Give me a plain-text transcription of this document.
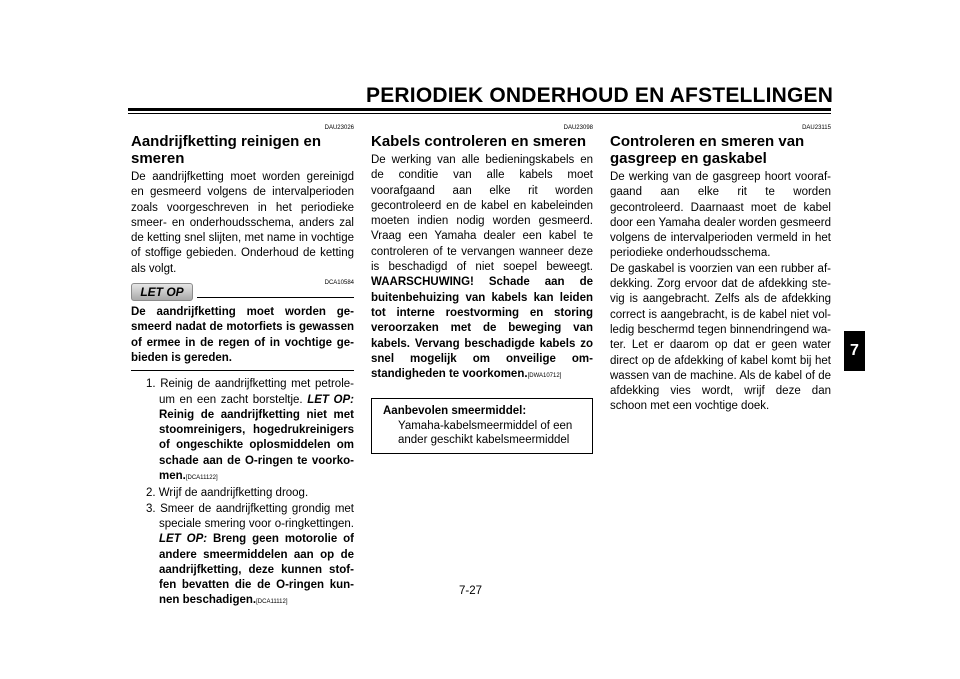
PERIODIEK ONDERHOUD EN AFSTELLINGEN
7
DAU23026
Aandrijfketting reinigen en smeren

De aandrijfketting moet worden gereinigd en gesmeerd volgens de intervalperioden zoals voorgeschreven in het periodieke smeer- en onderhoudsschema, anders zal de ketting snel slijten, met name in vochtige of stoffige gebieden. Onderhoud de ketting als volgt.

LET OP
DCA10584

De aandrijfketting moet worden gesmeerd nadat de motorfiets is gewassen of ermee in de regen of in vochtige gebieden is gereden.

1. Reinig de aandrijfketting met petroleum en een zacht borsteltje. LET OP: Reinig de aandrijfketting niet met stoomreinigers, hogedrukreinigers of ongeschikte oplosmiddelen om schade aan de O-ringen te voorkomen.[DCA11122]
2. Wrijf de aandrijfketting droog.
3. Smeer de aandrijfketting grondig met speciale smering voor o-ringkettingen. LET OP: Breng geen motorolie of andere smeermiddelen aan op de aandrijfketting, deze kunnen stoffen bevatten die de O-ringen kunnen beschadigen.[DCA11112]
DAU23098
Kabels controleren en smeren

De werking van alle bedieningskabels en de conditie van alle kabels moet voorafgaand aan elke rit worden gecontroleerd en de kabel en kabeleinden moeten indien nodig worden gesmeerd. Vraag een Yamaha dealer een kabel te controleren of te vervangen wanneer deze is beschadigd of niet soepel beweegt. WAARSCHUWING! Schade aan de buitenbehuizing van kabels kan leiden tot interne roestvorming en storing veroorzaken met de beweging van kabels. Vervang beschadigde kabels zo snel mogelijk om onveilige omstandigheden te voorkomen.[DWA10712]

Aanbevolen smeermiddel:
Yamaha-kabelsmeermiddel of een ander geschikt kabelsmeermiddel
DAU23115
Controleren en smeren van gasgreep en gaskabel

De werking van de gasgreep hoort voorafgaand aan elke rit te worden gecontroleerd. Daarnaast moet de kabel door een Yamaha dealer worden gesmeerd volgens de intervalperioden vermeld in het periodieke onderhoudsschema.

De gaskabel is voorzien van een rubber afdekking. Zorg ervoor dat de afdekking stevig is aangebracht. Zelfs als de afdekking correct is aangebracht, is de kabel niet volledig beschermd tegen binnendringend water. Let er daarom op dat er geen water direct op de afdekking of kabel komt bij het wassen van de machine. Als de kabel of de afdekking vies wordt, wrijf deze dan schoon met een vochtige doek.

7-27
